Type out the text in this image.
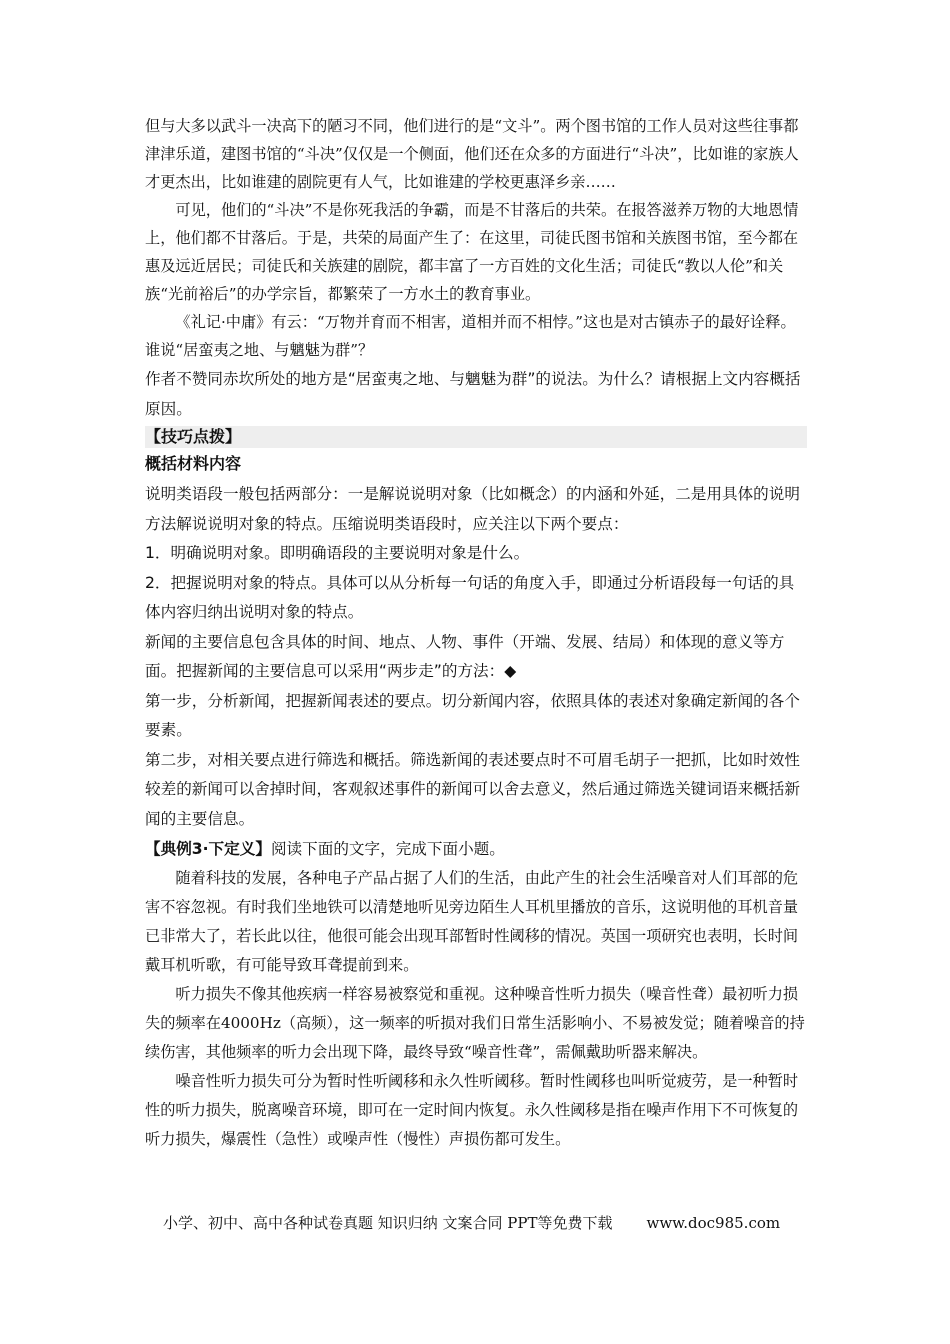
但与大多以武斗一决高下的陋习不同，他们进行的是“文斗”。两个图书馆的工作人员对这些往事都津津乐道，建图书馆的“斗决”仅仅是一个侧面，他们还在众多的方面进行“斗决”，比如谁的家族人才更杰出，比如谁建的剧院更有人气，比如谁建的学校更惠泽乡亲……

可见，他们的“斗决”不是你死我活的争霸，而是不甘落后的共荣。在报答滋养万物的大地恩情上，他们都不甘落后。于是，共荣的局面产生了：在这里，司徒氏图书馆和关族图书馆，至今都在惠及远近居民；司徒氏和关族建的剧院，都丰富了一方百姓的文化生活；司徒氏“教以人伦”和关族“光前裕后”的办学宗旨，都繁荣了一方水土的教育事业。

《礼记·中庸》有云：“万物并育而不相害，道相并而不相悖。”这也是对古镇赤子的最好诠释。谁说“居蛮夷之地、与魑魅为群”？

作者不赞同赤坎所处的地方是“居蛮夷之地、与魑魅为群”的说法。为什么？请根据上文内容概括原因。

【技巧点拨】
概括材料内容

说明类语段一般包括两部分：一是解说说明对象（比如概念）的内涵和外延，二是用具体的说明方法解说说明对象的特点。压缩说明类语段时，应关注以下两个要点：

1．明确说明对象。即明确语段的主要说明对象是什么。

2．把握说明对象的特点。具体可以从分析每一句话的角度入手，即通过分析语段每一句话的具体内容归纳出说明对象的特点。

新闻的主要信息包含具体的时间、地点、人物、事件（开端、发展、结局）和体现的意义等方面。把握新闻的主要信息可以采用“两步走”的方法：◆

第一步，分析新闻，把握新闻表述的要点。切分新闻内容，依照具体的表述对象确定新闻的各个要素。

第二步，对相关要点进行筛选和概括。筛选新闻的表述要点时不可眉毛胡子一把抓，比如时效性较差的新闻可以舍掉时间，客观叙述事件的新闻可以舍去意义，然后通过筛选关键词语来概括新闻的主要信息。

【典例3·下定义】阅读下面的文字，完成下面小题。

随着科技的发展，各种电子产品占据了人们的生活，由此产生的社会生活噪音对人们耳部的危害不容忽视。有时我们坐地铁可以清楚地听见旁边陌生人耳机里播放的音乐，这说明他的耳机音量已非常大了，若长此以往，他很可能会出现耳部暂时性阈移的情况。英国一项研究也表明，长时间戴耳机听歌，有可能导致耳聋提前到来。

听力损失不像其他疾病一样容易被察觉和重视。这种噪音性听力损失（噪音性聋）最初听力损失的频率在4000Hz（高频），这一频率的听损对我们日常生活影响小、不易被发觉；随着噪音的持续伤害，其他频率的听力会出现下降，最终导致“噪音性聋”，需佩戴助听器来解决。

噪音性听力损失可分为暂时性听阈移和永久性听阈移。暂时性阈移也叫听觉疲劳，是一种暂时性的听力损失，脱离噪音环境，即可在一定时间内恢复。永久性阈移是指在噪声作用下不可恢复的听力损失，爆震性（急性）或噪声性（慢性）声损伤都可发生。

小学、初中、高中各种试卷真题 知识归纳 文案合同 PPT等免费下载 www.doc985.com
